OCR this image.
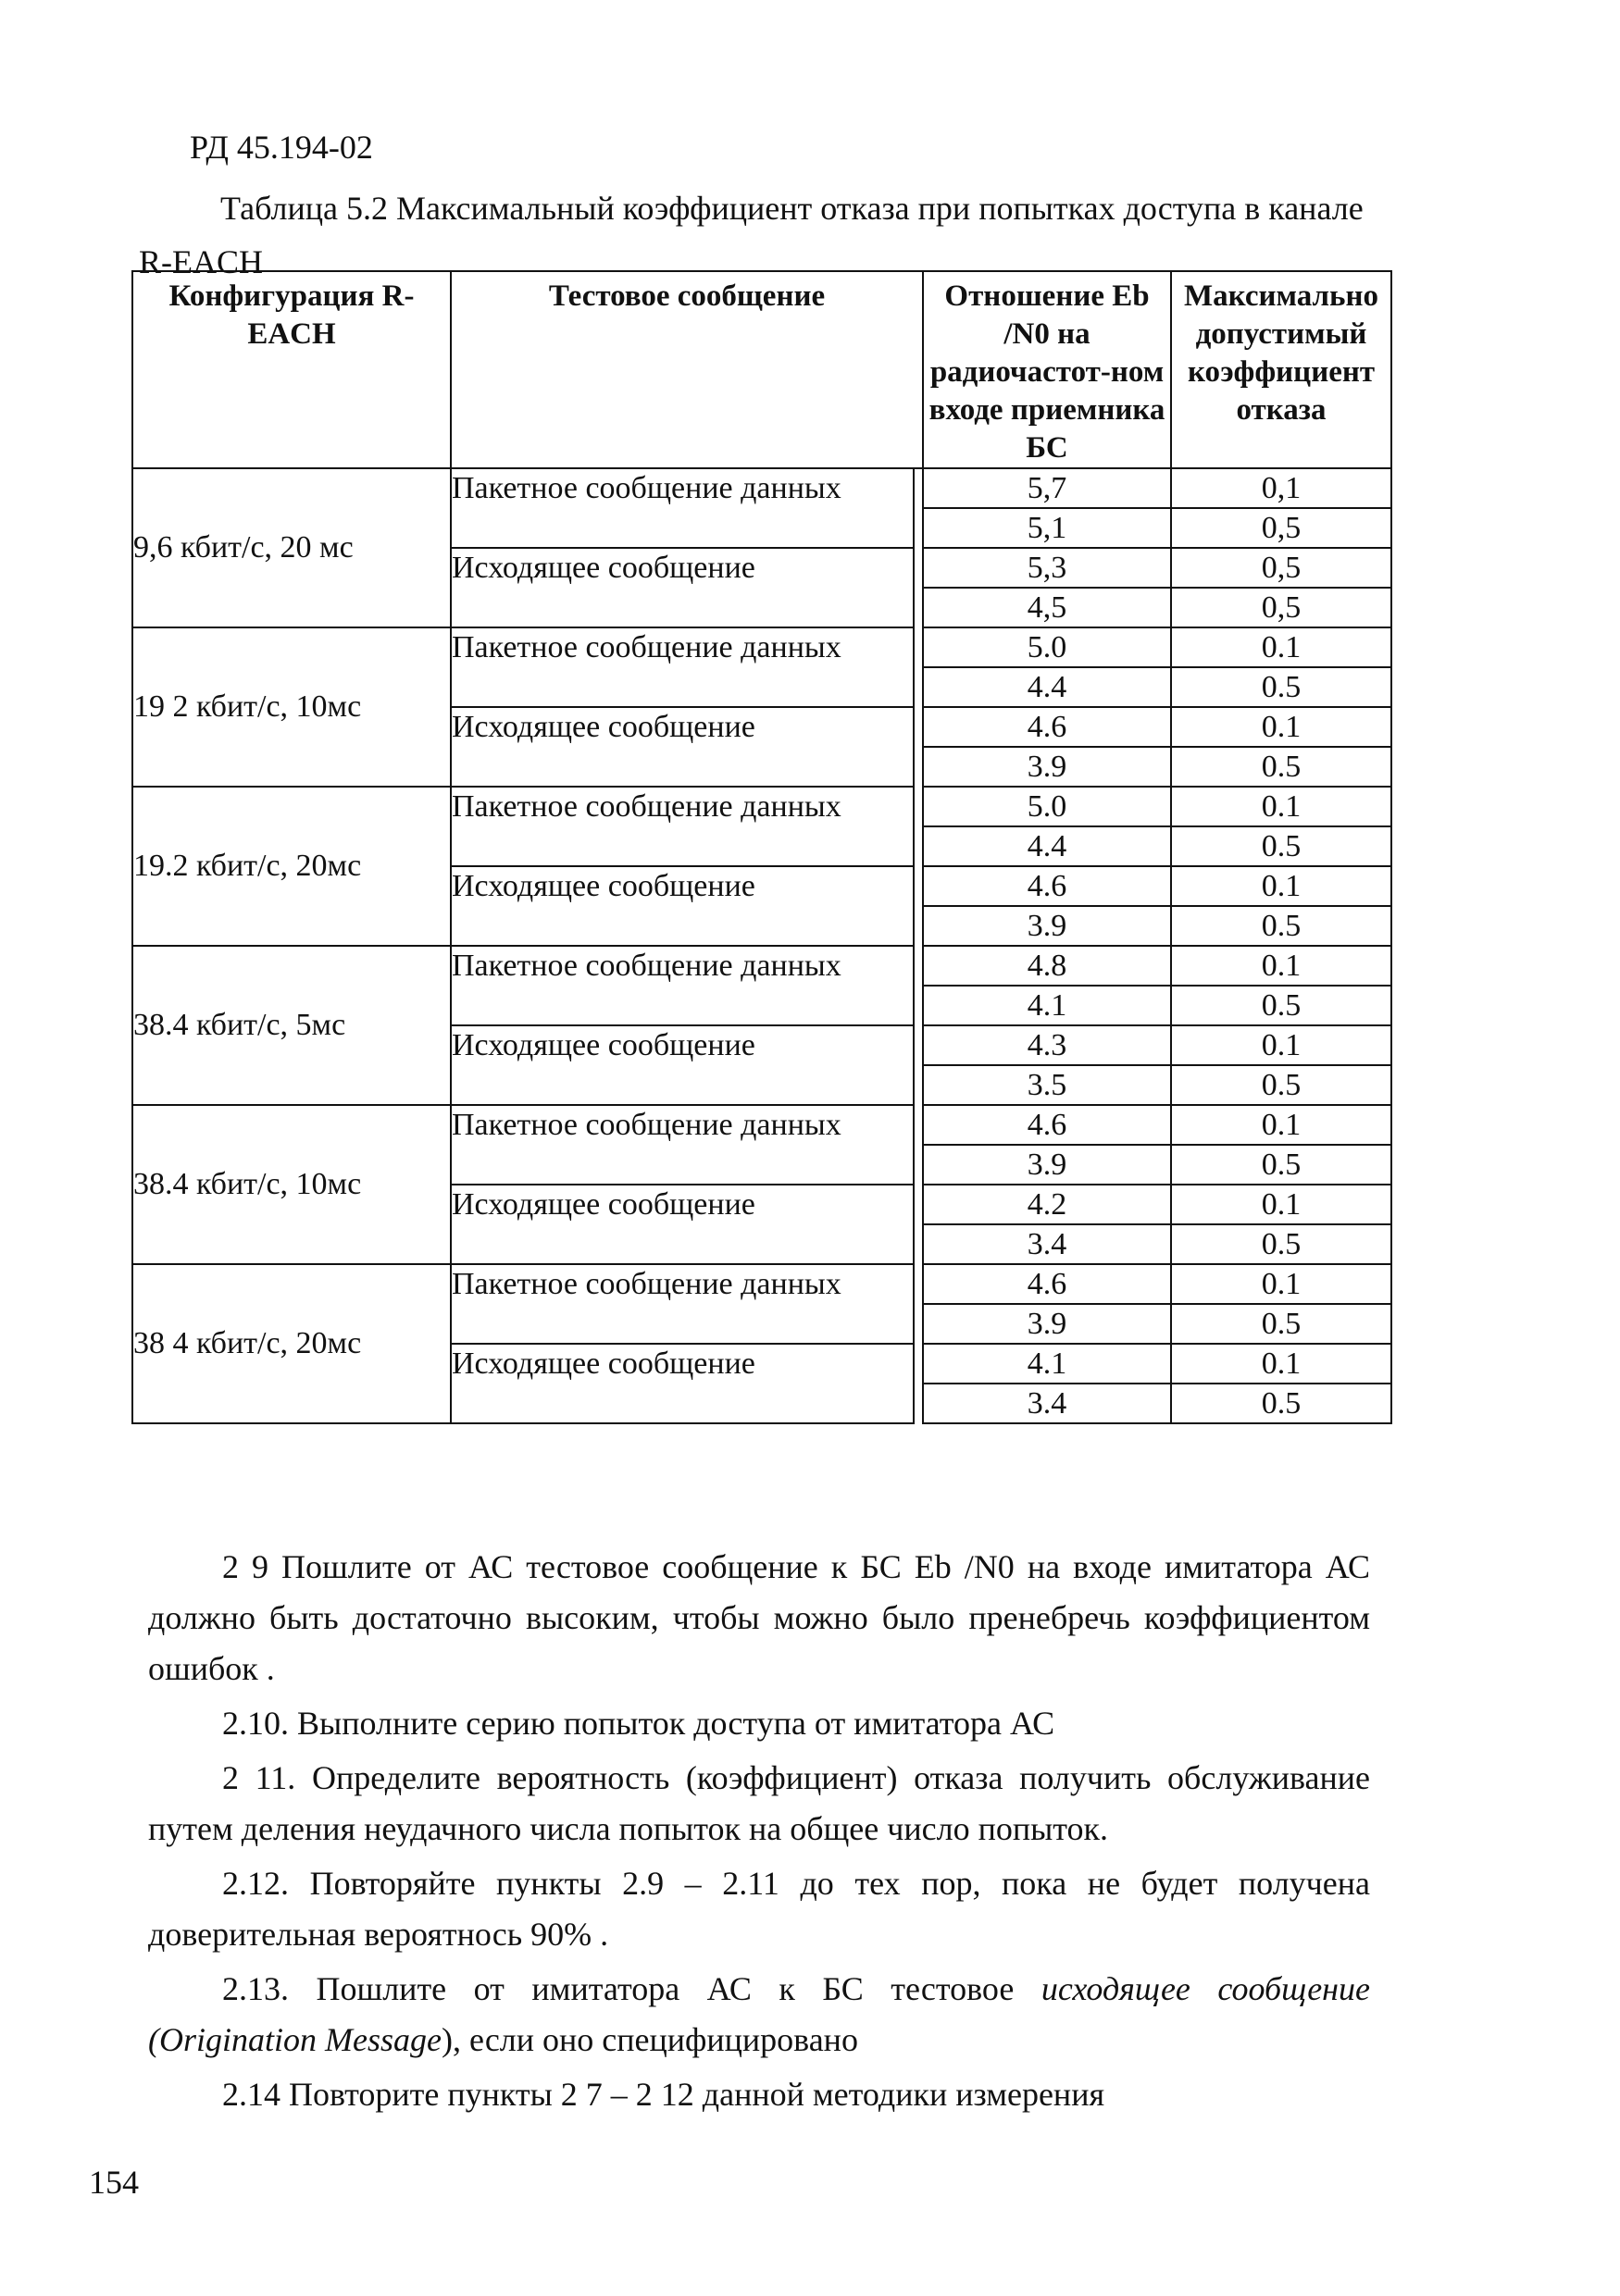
РД 45.194-02
Таблица 5.2 Максимальный коэффициент отказа при попытках доступа в канале R-EACH
Конфигурация R-EACH	Тестовое сообщение		Отношение Eb /N0 на радиочастот-ном входе приемника БС	Максимально допустимый коэффициент отказа
9,6 кбит/с, 20 мс	Пакетное сообщение данных		5,7	0,1
			5,1	0,5
	Исходящее сообщение		5,3	0,5
			4,5	0,5
19 2 кбит/с, 10мс	Пакетное сообщение данных		5.0	0.1
			4.4	0.5
	Исходящее сообщение		4.6	0.1
			3.9	0.5
19.2 кбит/с, 20мс	Пакетное сообщение данных		5.0	0.1
			4.4	0.5
	Исходящее сообщение		4.6	0.1
			3.9	0.5
38.4 кбит/с, 5мс	Пакетное сообщение данных		4.8	0.1
			4.1	0.5
	Исходящее сообщение		4.3	0.1
			3.5	0.5
38.4 кбит/с, 10мс	Пакетное сообщение данных		4.6	0.1
			3.9	0.5
	Исходящее сообщение		4.2	0.1
			3.4	0.5
38 4 кбит/с, 20мс	Пакетное сообщение данных		4.6	0.1
			3.9	0.5
	Исходящее сообщение		4.1	0.1
			3.4	0.5

2 9 Пошлите от АС тестовое сообщение к БС Eb /N0 на входе имитатора АС должно быть достаточно высоким, чтобы можно было пренебречь коэффициентом ошибок .

2.10. Выполните серию попыток доступа от имитатора АС

2 11. Определите вероятность (коэффициент) отказа получить обслуживание путем деления неудачного числа попыток на общее число попыток.

2.12. Повторяйте пункты 2.9 – 2.11 до тех пор, пока не будет получена доверительная вероятнось 90% .

2.13. Пошлите от имитатора АС к БС тестовое исходящее сообщение (Origination Message), если оно специфицировано

2.14 Повторите пункты 2 7 – 2 12 данной методики измерения

154
